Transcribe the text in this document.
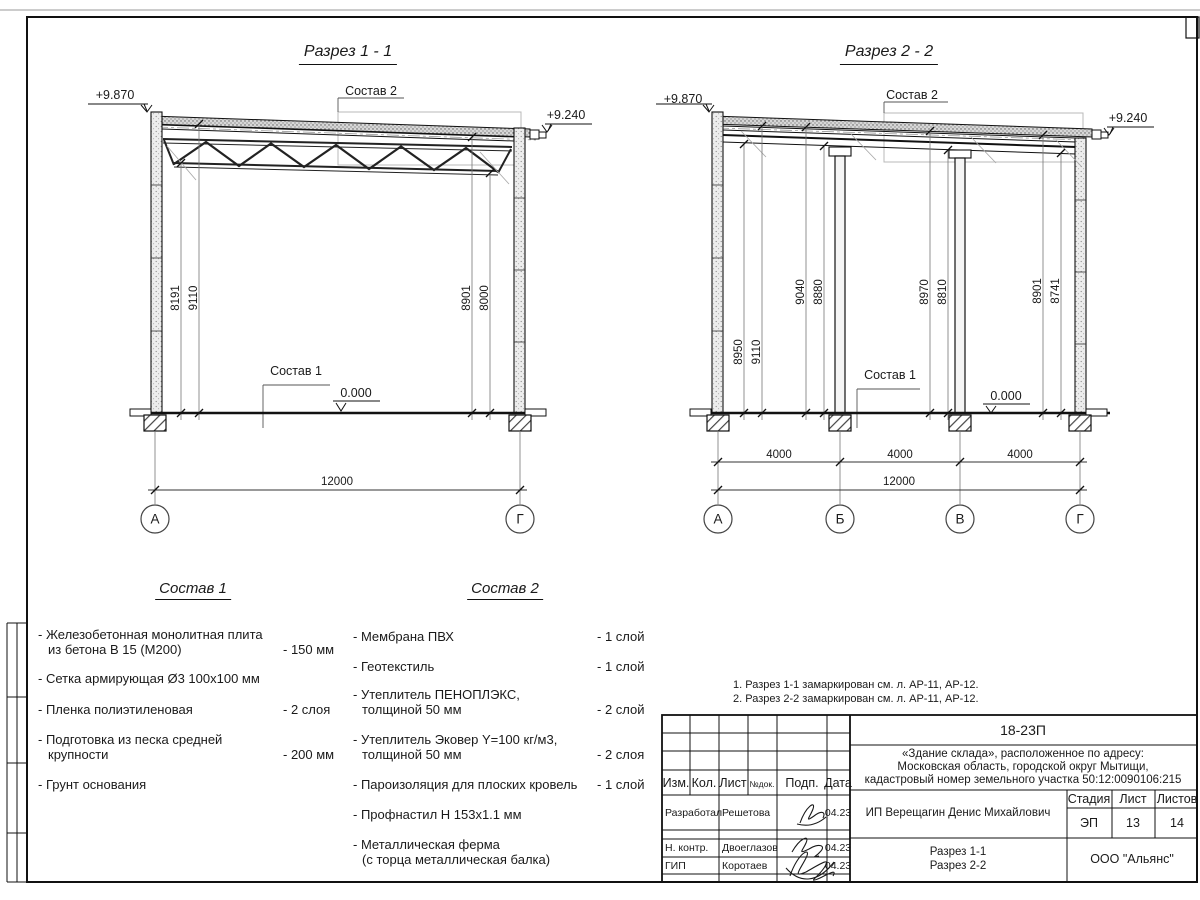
Разрез 1 - 1
+9.870
+9.240
Состав 2
Состав 1
0.000
8191 9110	8901 8000
12000
А	Г
Разрез 2 - 2
+9.870
+9.240
Состав 2
Состав 1
0.000
8950 9110
9040 8880	8970 8810	8901 8741
4000	4000	4000
12000
А	Б	В	Г
Состав 1
- Железобетонная монолитная плита
из бетона В 15 (М200)	- 150 мм
- Сетка армирующая Ø3 100х100 мм
- Пленка полиэтиленовая	- 2 слоя
- Подготовка из песка средней
крупности	- 200 мм
- Грунт основания
Состав 2
- Мембрана ПВХ	- 1 слой
- Геотекстиль	- 1 слой
- Утеплитель ПЕНОПЛЭКС,
толщиной 50 мм	- 2 слой
- Утеплитель Эковер Y=100 кг/м3,
толщиной 50 мм	- 2 слоя
- Пароизоляция для плоских кровель - 1 слой
- Профнастил Н 153х1.1 мм
- Металлическая ферма
(с торца металлическая балка)
1. Разрез 1-1 замаркирован см. л. АР-11, АР-12.
2. Разрез 2-2 замаркирован см. л. АР-11, АР-12.
18-23П
«Здание склада», расположенное по адресу:
Московская область, городской округ Мытищи,
кадастровый номер земельного участка 50:12:0090106:215
Изм. Кол. Лист №док. Подп. Дата
Разработал Решетова	04.23
Н. контр. Двоеглазов	04.23
ГИП	Коротаев	04.23
ИП Верещагин Денис Михайлович
Стадия Лист Листов
ЭП 13 14
Разрез 1-1
Разрез 2-2	ООО "Альянс"
